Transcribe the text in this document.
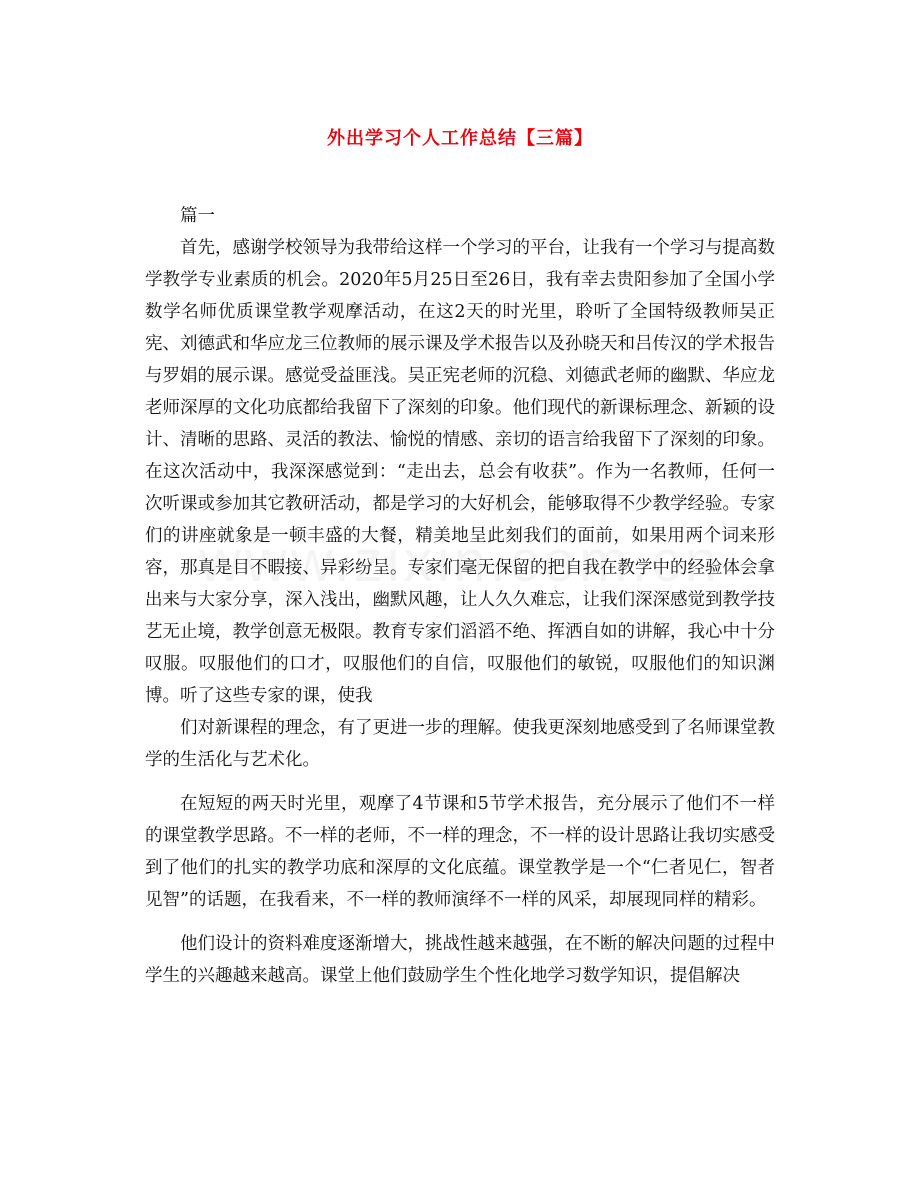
外出学习个人工作总结【三篇】

篇一

首先，感谢学校领导为我带给这样一个学习的平台，让我有一个学习与提高数学教学专业素质的机会。2020年5月25日至26日，我有幸去贵阳参加了全国小学数学名师优质课堂教学观摩活动，在这2天的时光里，聆听了全国特级教师吴正宪、刘德武和华应龙三位教师的展示课及学术报告以及孙晓天和吕传汉的学术报告与罗娟的展示课。感觉受益匪浅。吴正宪老师的沉稳、刘德武老师的幽默、华应龙老师深厚的文化功底都给我留下了深刻的印象。他们现代的新课标理念、新颖的设计、清晰的思路、灵活的教法、愉悦的情感、亲切的语言给我留下了深刻的印象。在这次活动中，我深深感觉到：“走出去，总会有收获”。作为一名教师，任何一次听课或参加其它教研活动，都是学习的大好机会，能够取得不少教学经验。专家们的讲座就象是一顿丰盛的大餐，精美地呈此刻我们的面前，如果用两个词来形容，那真是目不暇接、异彩纷呈。专家们毫无保留的把自我在教学中的经验体会拿出来与大家分享，深入浅出，幽默风趣，让人久久难忘，让我们深深感觉到教学技艺无止境，教学创意无极限。教育专家们滔滔不绝、挥洒自如的讲解，我心中十分叹服。叹服他们的口才，叹服他们的自信，叹服他们的敏锐，叹服他们的知识渊博。听了这些专家的课，使我

们对新课程的理念，有了更进一步的理解。使我更深刻地感受到了名师课堂教学的生活化与艺术化。

在短短的两天时光里，观摩了4节课和5节学术报告，充分展示了他们不一样的课堂教学思路。不一样的老师，不一样的理念，不一样的设计思路让我切实感受到了他们的扎实的教学功底和深厚的文化底蕴。课堂教学是一个“仁者见仁，智者见智”的话题，在我看来，不一样的教师演绎不一样的风采，却展现同样的精彩。

他们设计的资料难度逐渐增大，挑战性越来越强，在不断的解决问题的过程中学生的兴趣越来越高。课堂上他们鼓励学生个性化地学习数学知识，提倡解决
